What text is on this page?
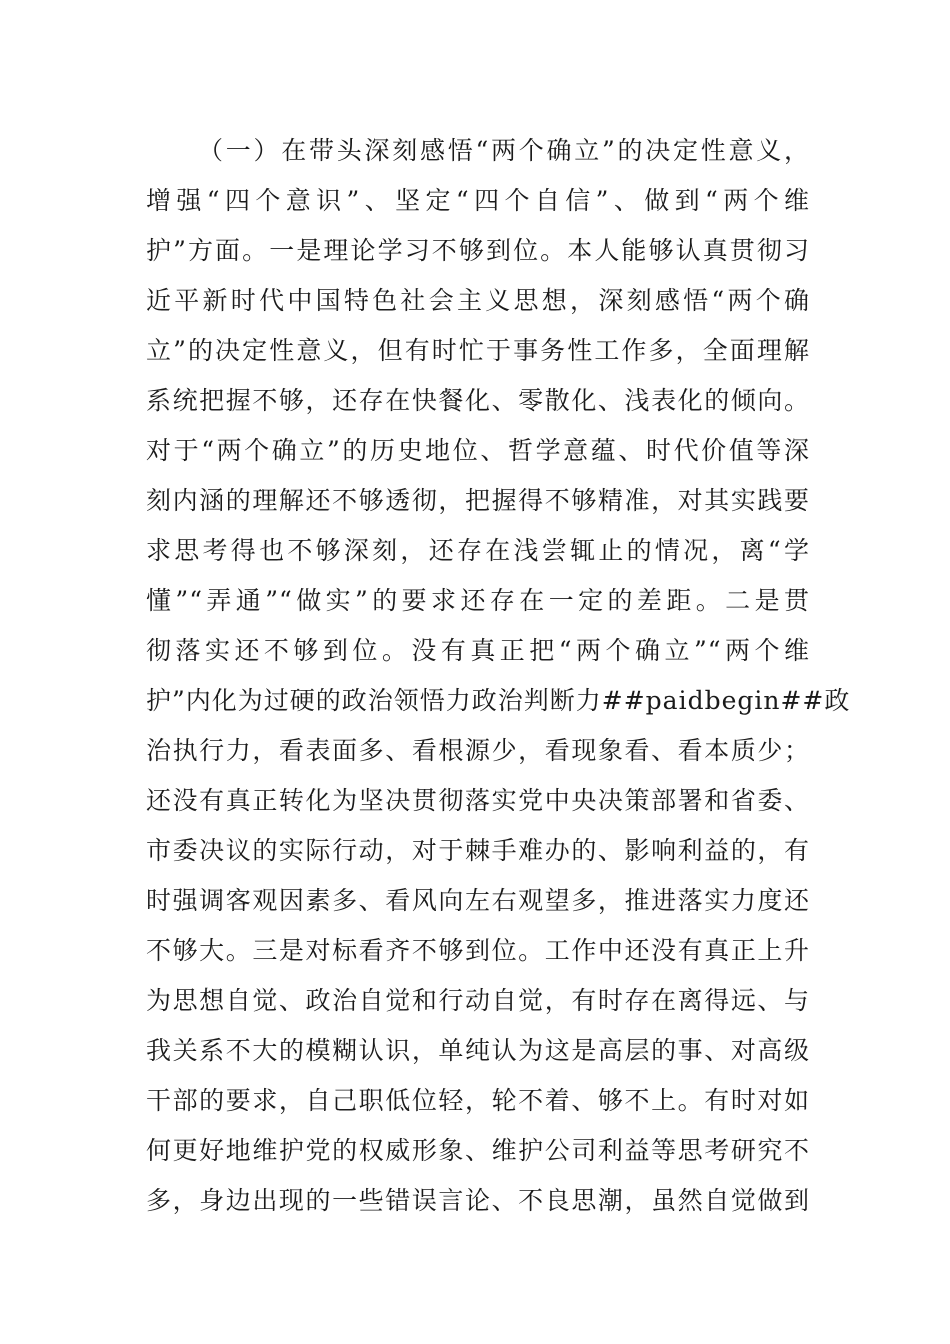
（一）在带头深刻感悟“两个确立”的决定性意义，
增强“四个意识”、坚定“四个自信”、做到“两个维
护”方面。一是理论学习不够到位。本人能够认真贯彻习
近平新时代中国特色社会主义思想，深刻感悟“两个确
立”的决定性意义，但有时忙于事务性工作多，全面理解
系统把握不够，还存在快餐化、零散化、浅表化的倾向。
对于“两个确立”的历史地位、哲学意蕴、时代价值等深
刻内涵的理解还不够透彻，把握得不够精准，对其实践要
求思考得也不够深刻，还存在浅尝辄止的情况，离“学
懂”“弄通”“做实”的要求还存在一定的差距。二是贯
彻落实还不够到位。没有真正把“两个确立”“两个维
护”内化为过硬的政治领悟力政治判断力##paidbegin##政
治执行力，看表面多、看根源少，看现象看、看本质少；
还没有真正转化为坚决贯彻落实党中央决策部署和省委、
市委决议的实际行动，对于棘手难办的、影响利益的，有
时强调客观因素多、看风向左右观望多，推进落实力度还
不够大。三是对标看齐不够到位。工作中还没有真正上升
为思想自觉、政治自觉和行动自觉，有时存在离得远、与
我关系不大的模糊认识，单纯认为这是高层的事、对高级
干部的要求，自己职低位轻，轮不着、够不上。有时对如
何更好地维护党的权威形象、维护公司利益等思考研究不
多，身边出现的一些错误言论、不良思潮，虽然自觉做到
